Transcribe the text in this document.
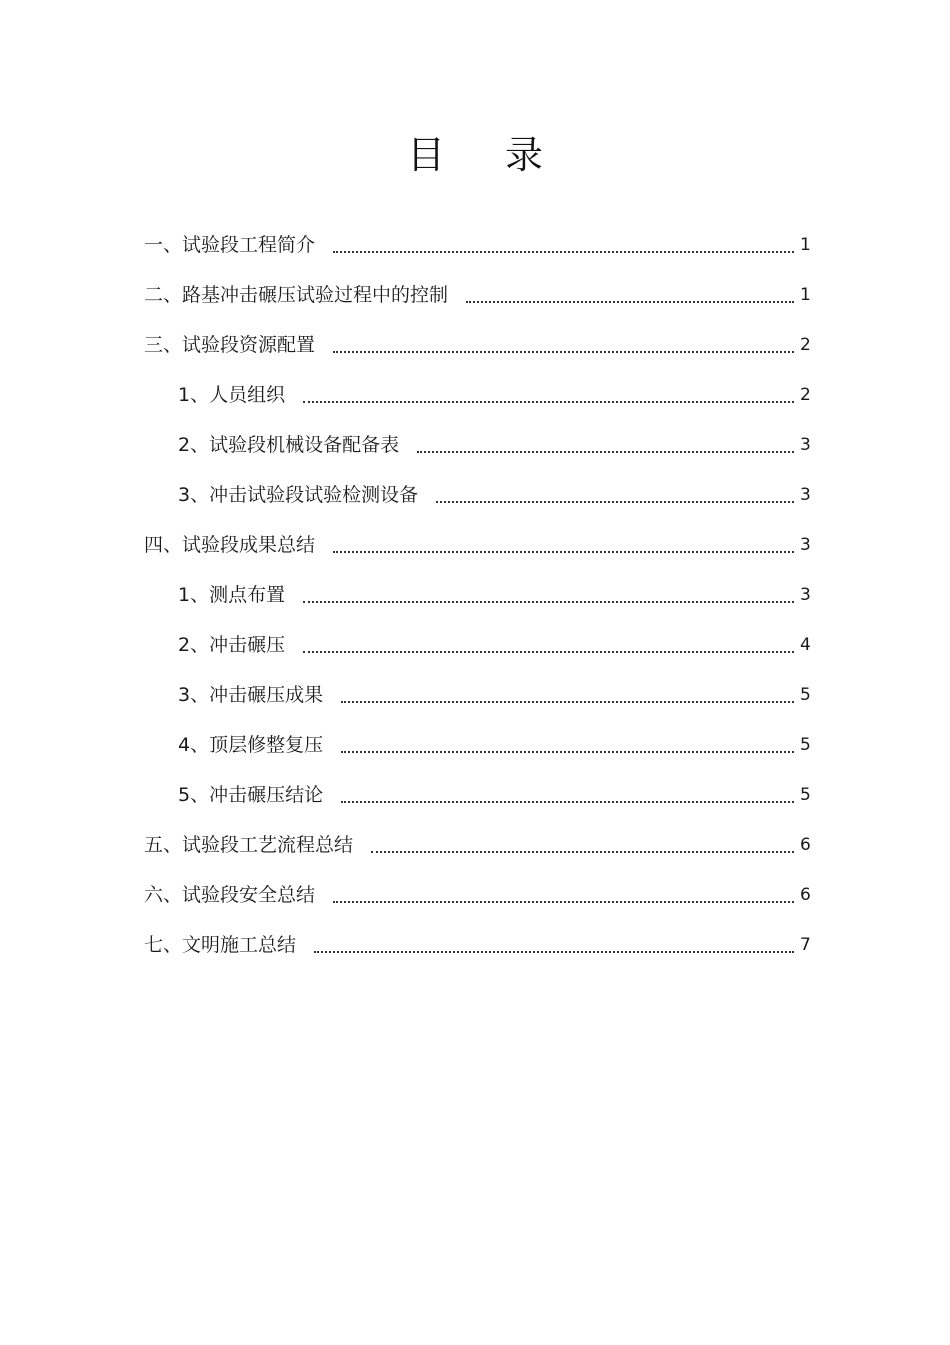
目 录
一、试验段工程简介	1
二、路基冲击碾压试验过程中的控制	1
三、试验段资源配置	2
1、人员组织	2
2、试验段机械设备配备表	3
3、冲击试验段试验检测设备	3
四、试验段成果总结	3
1、测点布置	3
2、冲击碾压	4
3、冲击碾压成果	5
4、顶层修整复压	5
5、冲击碾压结论	5
五、试验段工艺流程总结	6
六、试验段安全总结	6
七、文明施工总结	7
